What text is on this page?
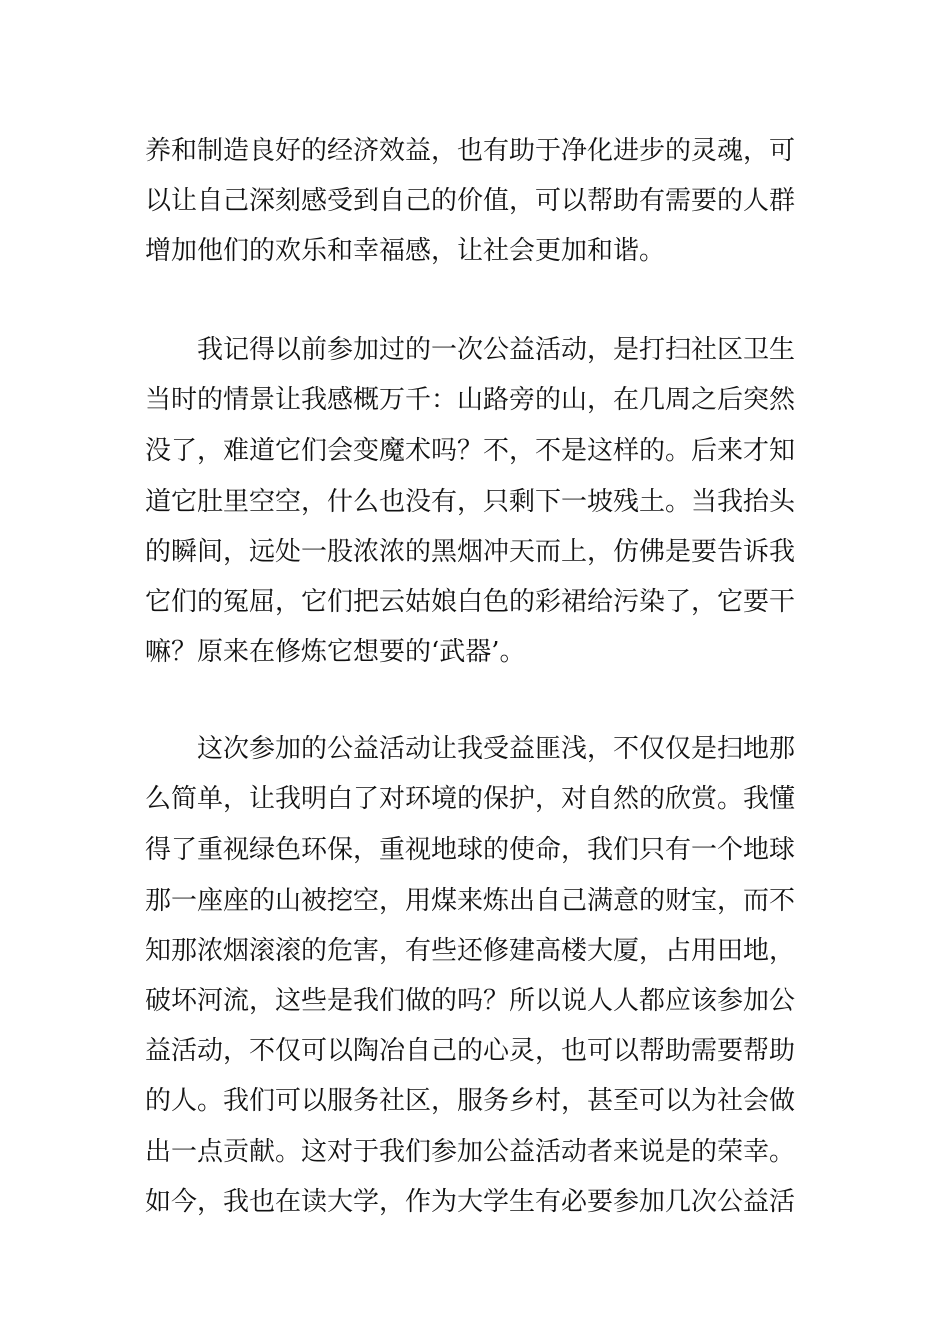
养和制造良好的经济效益，也有助于净化进步的灵魂，可
以让自己深刻感受到自己的价值，可以帮助有需要的人群
增加他们的欢乐和幸福感，让社会更加和谐。
我记得以前参加过的一次公益活动，是打扫社区卫生
当时的情景让我感概万千：山路旁的山，在几周之后突然
没了，难道它们会变魔术吗？不，不是这样的。后来才知
道它肚里空空，什么也没有，只剩下一坡残土。当我抬头
的瞬间，远处一股浓浓的黑烟冲天而上，仿佛是要告诉我
它们的冤屈，它们把云姑娘白色的彩裙给污染了，它要干
嘛？原来在修炼它想要的‘武器’。
这次参加的公益活动让我受益匪浅，不仅仅是扫地那
么简单，让我明白了对环境的保护，对自然的欣赏。我懂
得了重视绿色环保，重视地球的使命，我们只有一个地球
那一座座的山被挖空，用煤来炼出自己满意的财宝，而不
知那浓烟滚滚的危害，有些还修建高楼大厦，占用田地，
破坏河流，这些是我们做的吗？所以说人人都应该参加公
益活动，不仅可以陶冶自己的心灵，也可以帮助需要帮助
的人。我们可以服务社区，服务乡村，甚至可以为社会做
出一点贡献。这对于我们参加公益活动者来说是的荣幸。
如今，我也在读大学，作为大学生有必要参加几次公益活
